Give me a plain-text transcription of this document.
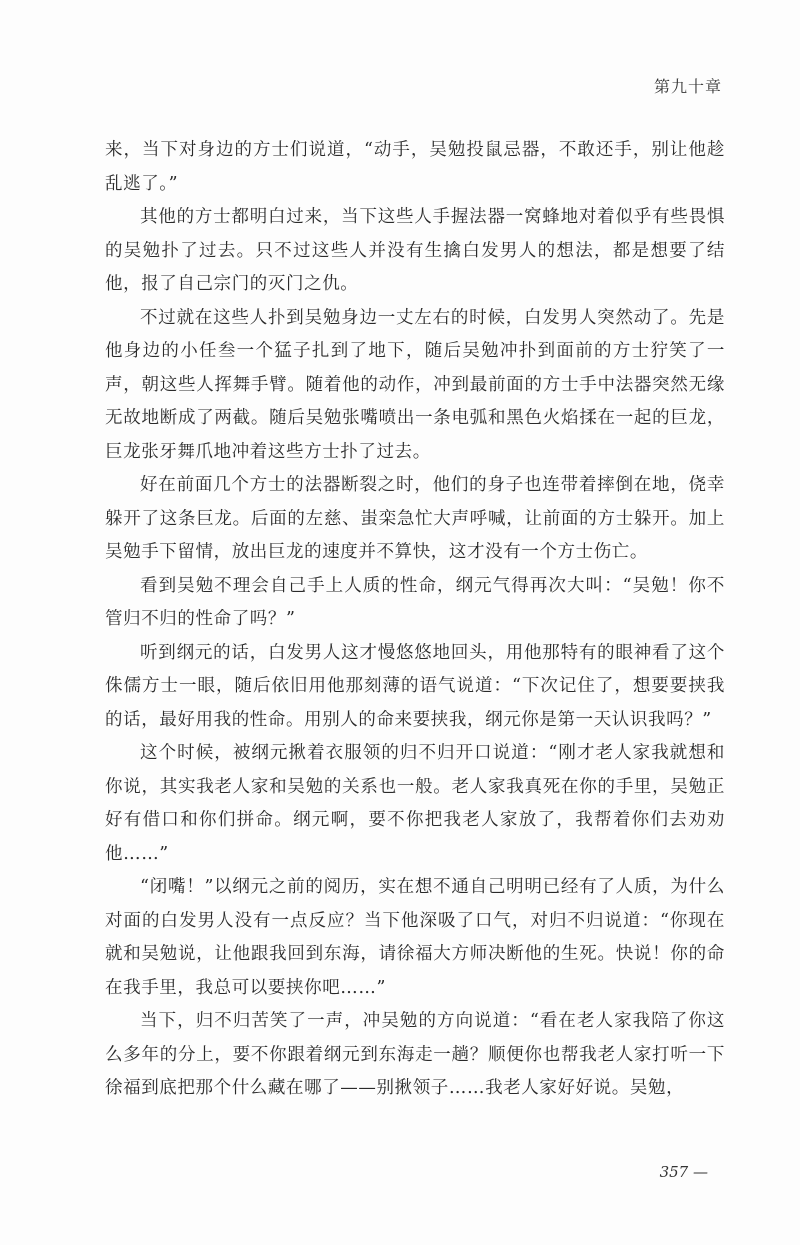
第九十章

来，当下对身边的方士们说道，“动手，吴勉投鼠忌器，不敢还手，别让他趁乱逃了。”

其他的方士都明白过来，当下这些人手握法器一窝蜂地对着似乎有些畏惧的吴勉扑了过去。只不过这些人并没有生擒白发男人的想法，都是想要了结他，报了自己宗门的灭门之仇。

不过就在这些人扑到吴勉身边一丈左右的时候，白发男人突然动了。先是他身边的小任叁一个猛子扎到了地下，随后吴勉冲扑到面前的方士狞笑了一声，朝这些人挥舞手臂。随着他的动作，冲到最前面的方士手中法器突然无缘无故地断成了两截。随后吴勉张嘴喷出一条电弧和黑色火焰揉在一起的巨龙，巨龙张牙舞爪地冲着这些方士扑了过去。

好在前面几个方士的法器断裂之时，他们的身子也连带着摔倒在地，侥幸躲开了这条巨龙。后面的左慈、蚩栾急忙大声呼喊，让前面的方士躲开。加上吴勉手下留情，放出巨龙的速度并不算快，这才没有一个方士伤亡。

看到吴勉不理会自己手上人质的性命，纲元气得再次大叫：“吴勉！你不管归不归的性命了吗？”

听到纲元的话，白发男人这才慢悠悠地回头，用他那特有的眼神看了这个侏儒方士一眼，随后依旧用他那刻薄的语气说道：“下次记住了，想要要挟我的话，最好用我的性命。用别人的命来要挟我，纲元你是第一天认识我吗？”

这个时候，被纲元揪着衣服领的归不归开口说道：“刚才老人家我就想和你说，其实我老人家和吴勉的关系也一般。老人家我真死在你的手里，吴勉正好有借口和你们拼命。纲元啊，要不你把我老人家放了，我帮着你们去劝劝他……”

“闭嘴！”以纲元之前的阅历，实在想不通自己明明已经有了人质，为什么对面的白发男人没有一点反应？当下他深吸了口气，对归不归说道：“你现在就和吴勉说，让他跟我回到东海，请徐福大方师决断他的生死。快说！你的命在我手里，我总可以要挟你吧……”

当下，归不归苦笑了一声，冲吴勉的方向说道：“看在老人家我陪了你这么多年的分上，要不你跟着纲元到东海走一趟？顺便你也帮我老人家打听一下徐福到底把那个什么藏在哪了——别揪领子……我老人家好好说。吴勉，

357 —
